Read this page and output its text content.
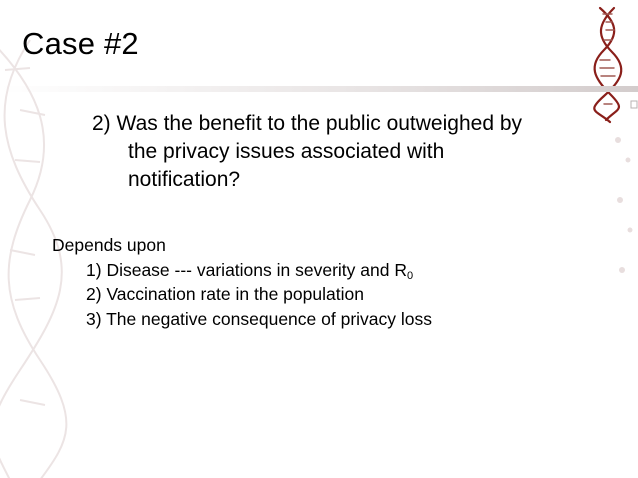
Case #2
2) Was the benefit to the public outweighed by
the privacy issues associated with
notification?
Depends upon
1) Disease --- variations in severity and $R_0$
2) Vaccination rate in the population
3) The negative consequence of privacy loss
